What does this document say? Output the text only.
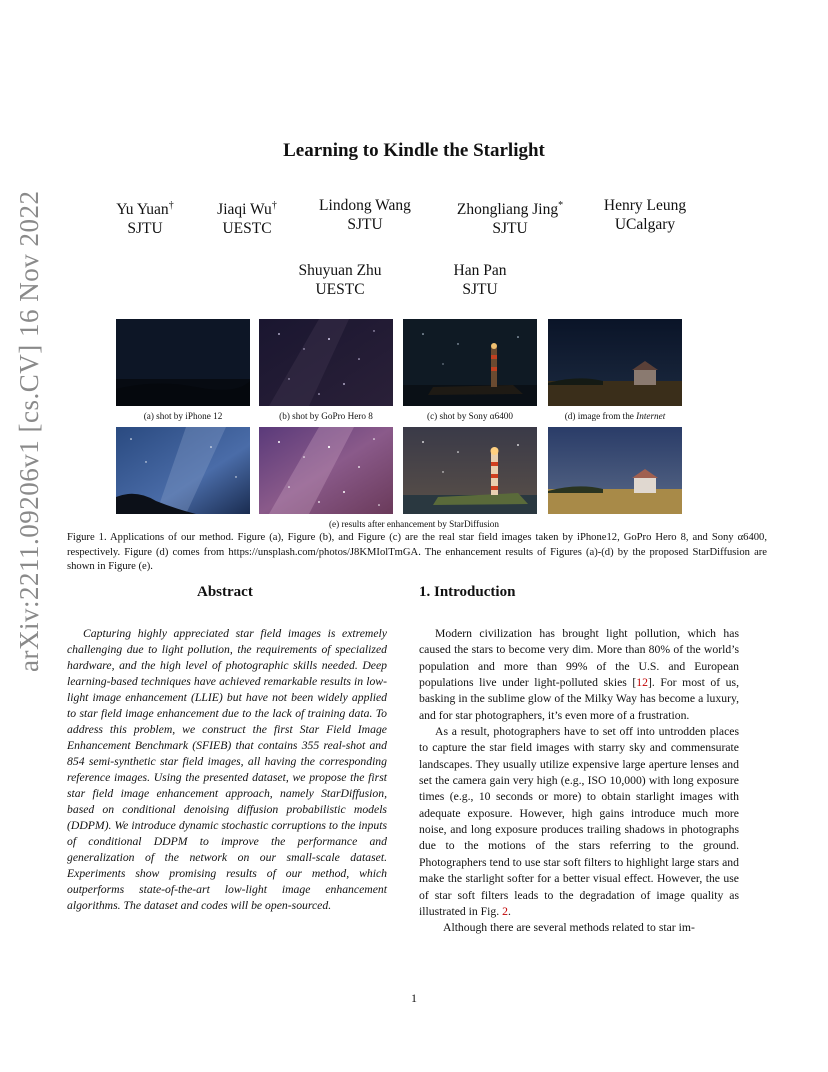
arXiv:2211.09206v1 [cs.CV] 16 Nov 2022
Learning to Kindle the Starlight
Yu Yuan†
SJTU
Jiaqi Wu†
UESTC
Lindong Wang
SJTU
Zhongliang Jing*
SJTU
Henry Leung
UCalgary
Shuyuan Zhu
UESTC
Han Pan
SJTU
(a) shot by iPhone 12	(b) shot by GoPro Hero 8	(c) shot by Sony α6400	(d) image from the Internet
(e) results after enhancement by StarDiffusion
Figure 1. Applications of our method. Figure (a), Figure (b), and Figure (c) are the real star field images taken by iPhone12, GoPro Hero 8, and Sony α6400, respectively. Figure (d) comes from https://unsplash.com/photos/J8KMIolTmGA. The enhancement results of Figures (a)-(d) by the proposed StarDiffusion are shown in Figure (e).
Abstract	1. Introduction
Capturing highly appreciated star field images is extremely challenging due to light pollution, the requirements of specialized hardware, and the high level of photographic skills needed. Deep learning-based techniques have achieved remarkable results in low-light image enhancement (LLIE) but have not been widely applied to star field image enhancement due to the lack of training data. To address this problem, we construct the first Star Field Image Enhancement Benchmark (SFIEB) that contains 355 real-shot and 854 semi-synthetic star field images, all having the corresponding reference images. Using the presented dataset, we propose the first star field image enhancement approach, namely StarDiffusion, based on conditional denoising diffusion probabilistic models (DDPM). We introduce dynamic stochastic corruptions to the inputs of conditional DDPM to improve the performance and generalization of the network on our small-scale dataset. Experiments show promising results of our method, which outperforms state-of-the-art low-light image enhancement algorithms. The dataset and codes will be open-sourced.

Modern civilization has brought light pollution, which has caused the stars to become very dim. More than 80% of the world’s population and more than 99% of the U.S. and European populations live under light-polluted skies [12]. For most of us, basking in the sublime glow of the Milky Way has become a luxury, and for star photographers, it’s even more of a frustration.

As a result, photographers have to set off into untrodden places to capture the star field images with starry sky and commensurate landscapes. They usually utilize expensive large aperture lenses and set the camera gain very high (e.g., ISO 10,000) with long exposure times (e.g., 10 seconds or more) to obtain starlight images with adequate exposure. However, high gains introduce much more noise, and long exposure produces trailing shadows in photographs due to the motions of the stars referring to the ground. Photographers tend to use star soft filters to highlight large stars and make the starlight softer for a better visual effect. However, the use of star soft filters leads to the degradation of image quality as illustrated in Fig. 2.

Although there are several methods related to star im-

1
